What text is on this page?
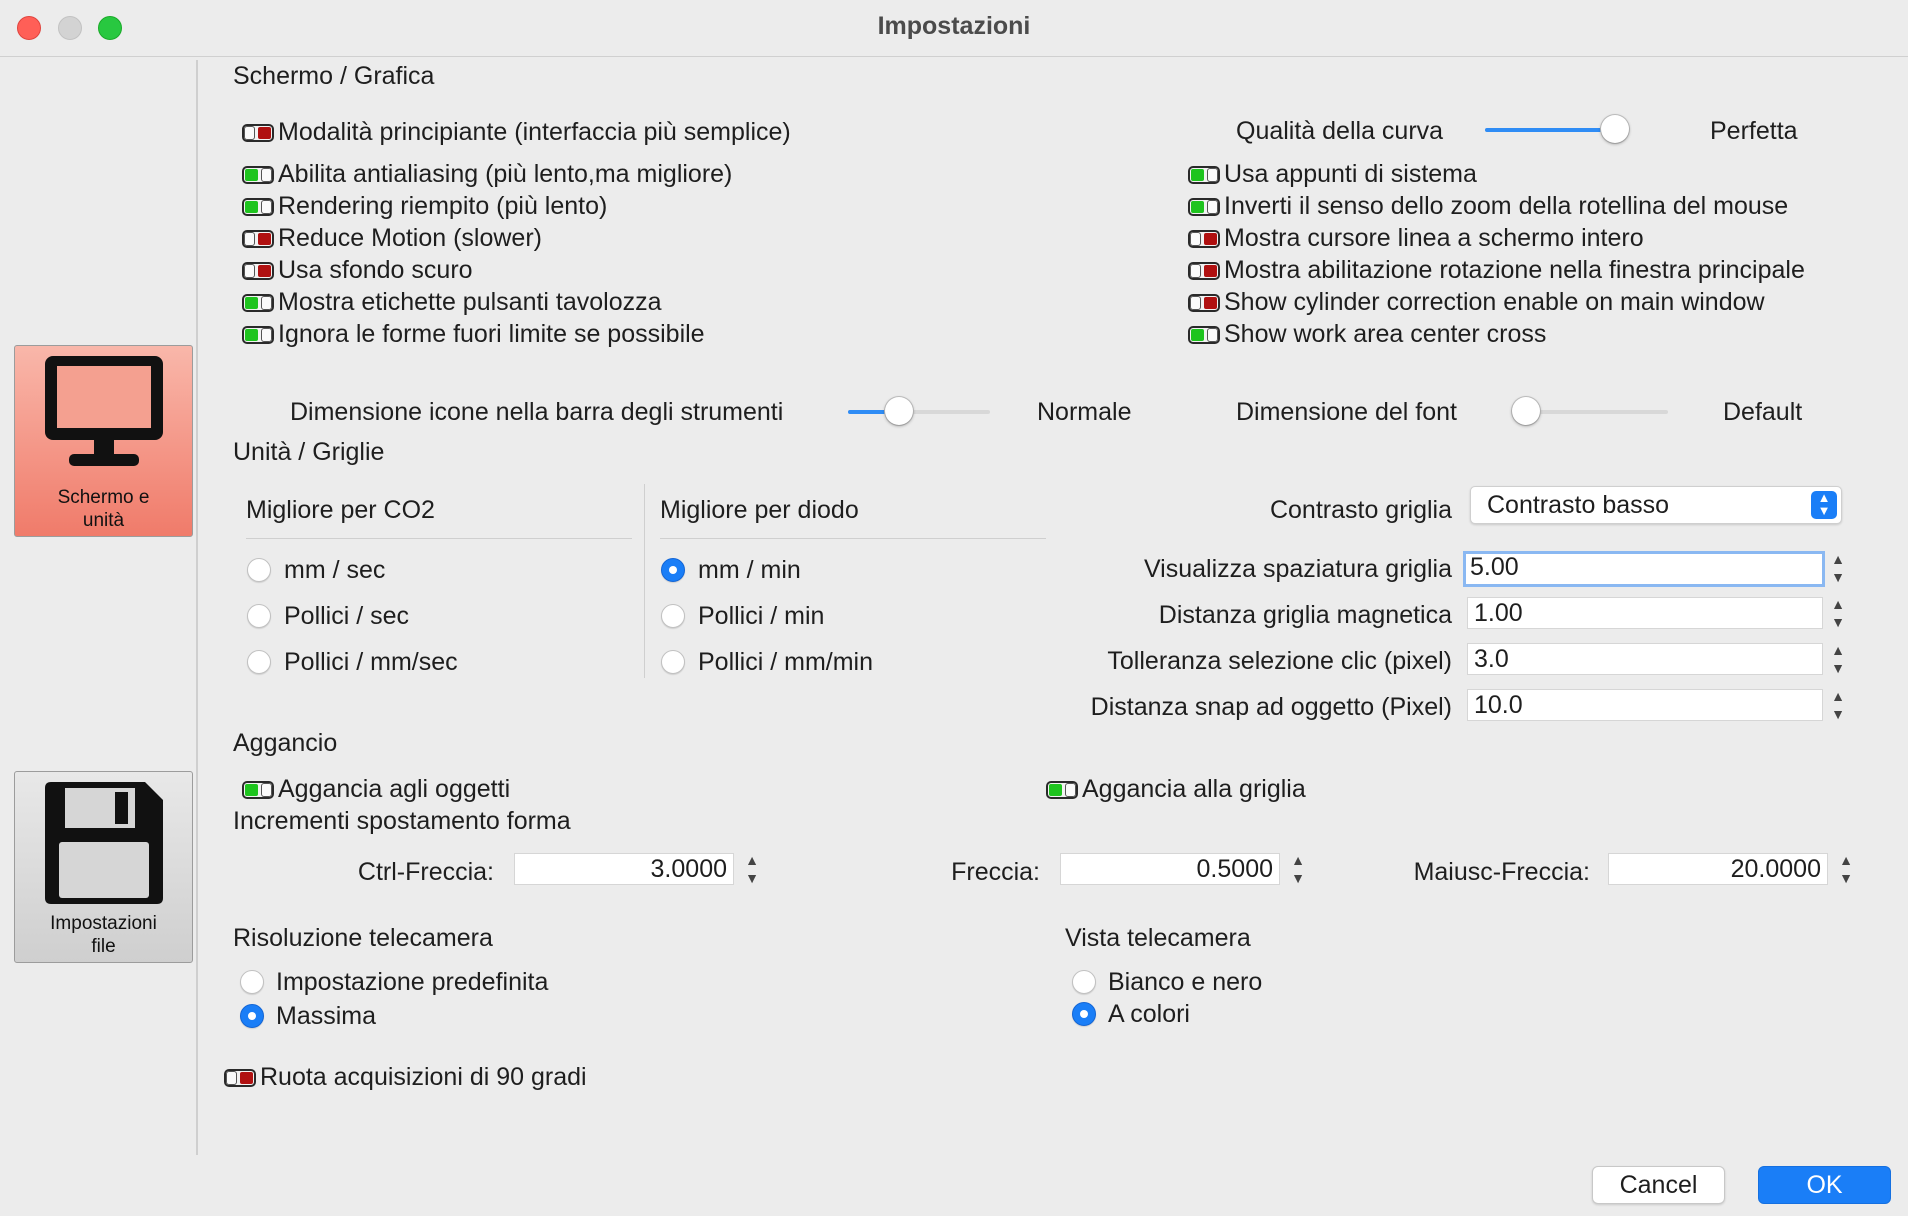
Impostazioni
Schermo e unità
Impostazioni file
Schermo / Grafica
Modalità principiante (interfaccia più semplice)
Abilita antialiasing (più lento,ma migliore)
Rendering riempito (più lento)
Reduce Motion (slower)
Usa sfondo scuro
Mostra etichette pulsanti tavolozza
Ignora le forme fuori limite se possibile
Qualità della curva	Perfetta
Usa appunti di sistema
Inverti il senso dello zoom della rotellina del mouse
Mostra cursore linea a schermo intero
Mostra abilitazione rotazione nella finestra principale
Show cylinder correction enable on main window
Show work area center cross
Dimensione icone nella barra degli strumenti	Normale	Dimensione del font	Default
Unità / Griglie
Migliore per CO2
mm / sec
Pollici / sec
Pollici / mm/sec
Migliore per diodo
mm / min
Pollici / min
Pollici / mm/min
Contrasto griglia	Contrasto basso	▲
▼
Visualizza spaziatura griglia 5.00	▲
▼
Distanza griglia magnetica 1.00	▲
▼
Tolleranza selezione clic (pixel) 3.0	▲
▼
Distanza snap ad oggetto (Pixel) 10.0	▲
▼
Aggancio
Aggancia agli oggetti	Aggancia alla griglia
Incrementi spostamento forma
Ctrl-Freccia:	3.0000	▲
▼	Freccia:	0.5000	▲
▼	Maiusc-Freccia:	20.0000	▲
▼
Risoluzione telecamera
Impostazione predefinita
Massima
Vista telecamera
Bianco e nero
A colori
Ruota acquisizioni di 90 gradi
Cancel	OK
